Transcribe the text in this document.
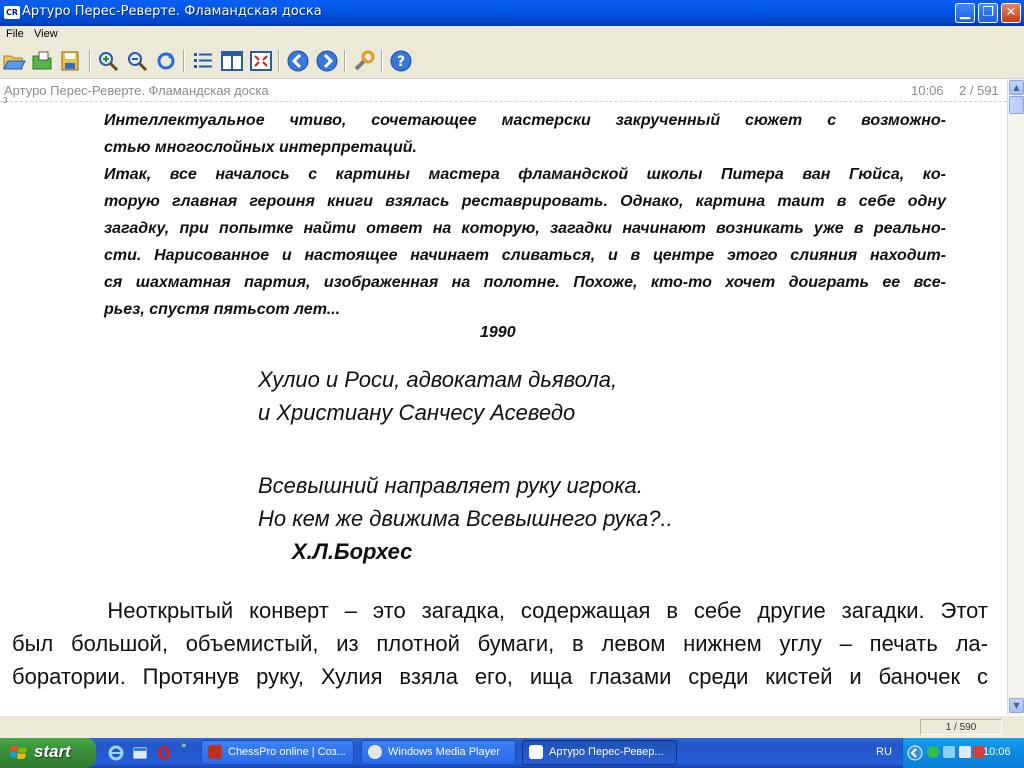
CR Артуро Перес-Реверте. Фламандская доска	▁ ❐ ✕
File View
?
Артуро Перес-Реверте. Фламандская доска	10:06 2 / 591
3

Интеллектуальное чтиво, сочетающее мастерски закрученный сюжет с возможно-
стью многослойных интерпретаций.

Итак, все началось с картины мастера фламандской школы Питера ван Гюйса, ко-
торую главная героиня книги взялась реставрировать. Однако, картина таит в себе одну
загадку, при попытке найти ответ на которую, загадки начинают возникать уже в реально-
сти. Нарисованное и настоящее начинает сливаться, и в центре этого слияния находит-
ся шахматная партия, изображенная на полотне. Похоже, кто-то хочет доиграть ее все-
рьез, спустя пятьсот лет...

1990
Хулио и Роси, адвокатам дьявола,
и Христиану Санчесу Асеведо
Всевышний направляет руку игрока.
Но кем же движима Всевышнего рука?..
Х.Л.Борхес
Неоткрытый конверт – это загадка, содержащая в себе другие загадки. Этот
был большой, объемистый, из плотной бумаги, в левом нижнем углу – печать ла-
боратории. Протянув руку, Хулия взяла его, ища глазами среди кистей и баночек с
▲
▼
1 / 590
start	»	ChessPro online | Соз...	Windows Media Player	Артуро Перес-Ревер...	RU	10:06
